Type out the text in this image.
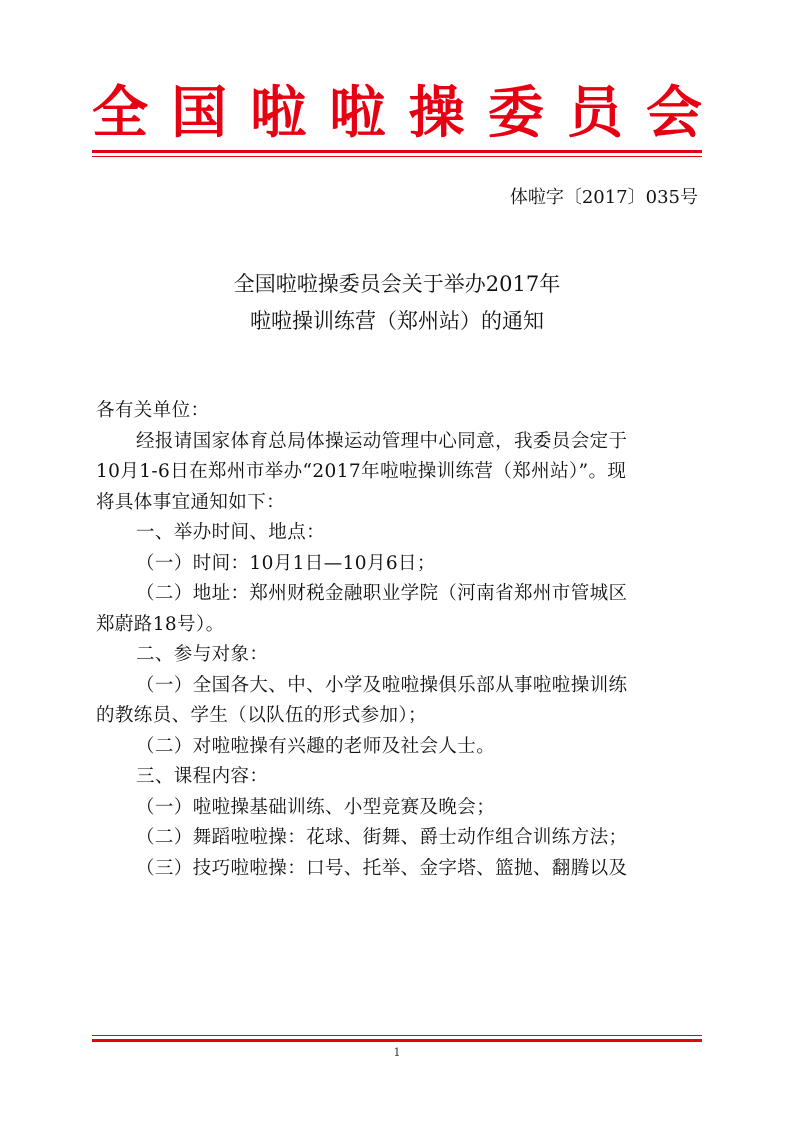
全 国 啦 啦 操 委 员 会
体啦字〔2017〕035号
全国啦啦操委员会关于举办2017年
啦啦操训练营（郑州站）的通知
各有关单位：
经报请国家体育总局体操运动管理中心同意，我委员会定于
10月1-6日在郑州市举办“2017年啦啦操训练营（郑州站）”。现
将具体事宜通知如下：
一、举办时间、地点：
（一）时间：10月1日—10月6日；
（二）地址：郑州财税金融职业学院（河南省郑州市管城区
郑蔚路18号）。
二、参与对象：
（一）全国各大、中、小学及啦啦操俱乐部从事啦啦操训练
的教练员、学生（以队伍的形式参加）；
（二）对啦啦操有兴趣的老师及社会人士。
三、课程内容：
（一）啦啦操基础训练、小型竞赛及晚会；
（二）舞蹈啦啦操：花球、街舞、爵士动作组合训练方法；
（三）技巧啦啦操：口号、托举、金字塔、篮抛、翻腾以及
1
